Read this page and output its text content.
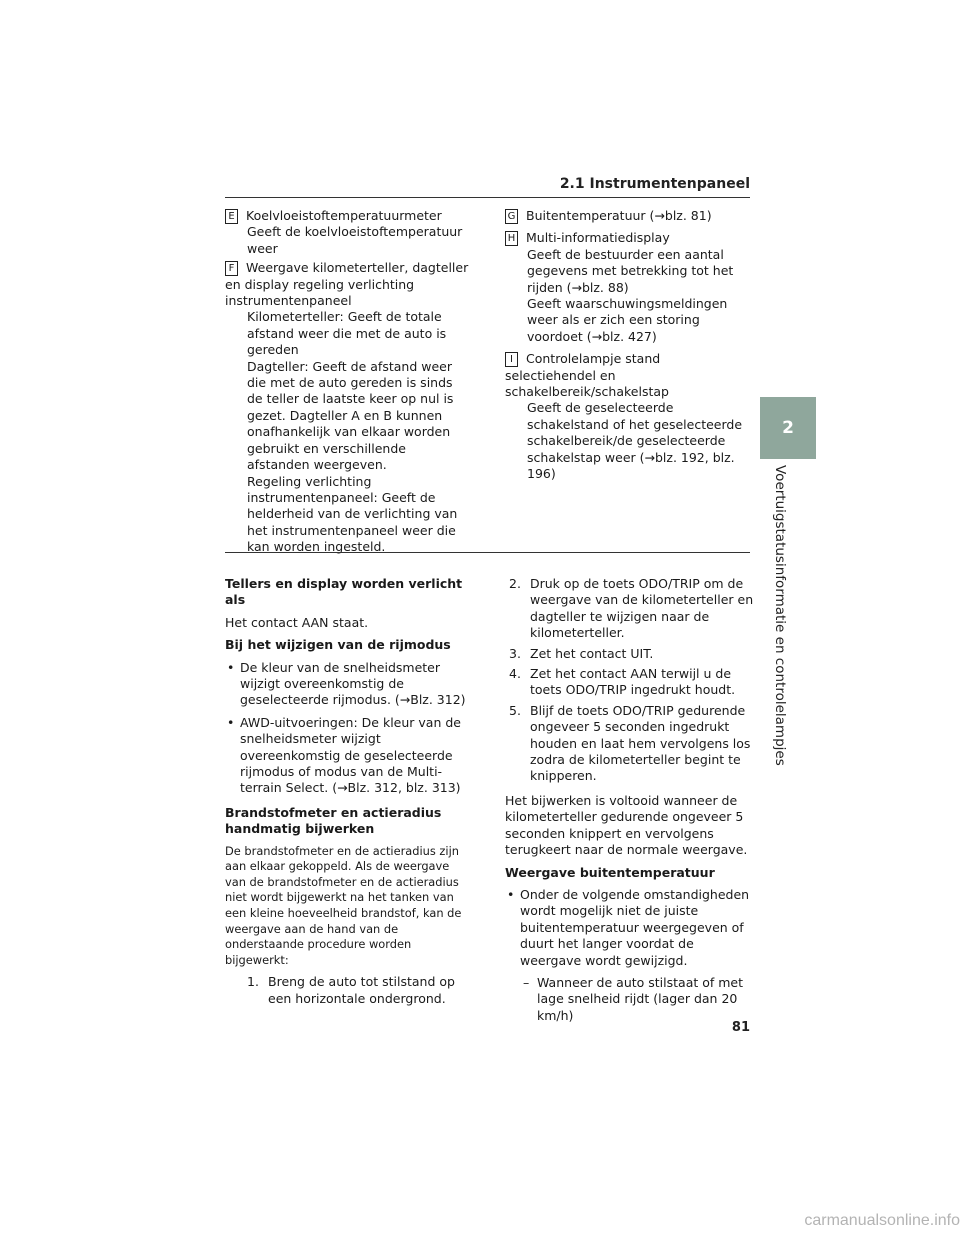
2.1 Instrumentenpaneel
E Koelvloeistoftemperatuurmeter
Geeft de koelvloeistoftemperatuur weer
F Weergave kilometerteller, dagteller en display regeling verlichting instrumentenpaneel
Kilometerteller: Geeft de totale afstand weer die met de auto is gereden
Dagteller: Geeft de afstand weer die met de auto gereden is sinds de teller de laatste keer op nul is gezet. Dagteller A en B kunnen onafhankelijk van elkaar worden gebruikt en verschillende afstanden weergeven.
Regeling verlichting instrumentenpaneel: Geeft de helderheid van de verlichting van het instrumentenpaneel weer die kan worden ingesteld.
G Buitentemperatuur (→blz. 81)
H Multi-informatiedisplay
Geeft de bestuurder een aantal gegevens met betrekking tot het rijden (→blz. 88)
Geeft waarschuwingsmeldingen weer als er zich een storing voordoet (→blz. 427)
I Controlelampje stand selectiehendel en schakelbereik/schakelstap
Geeft de geselecteerde schakelstand of het geselecteerde schakelbereik/de geselecteerde schakelstap weer (→blz. 192, blz. 196)

Tellers en display worden verlicht als

Het contact AAN staat.

Bij het wijzigen van de rijmodus

• De kleur van de snelheidsmeter wijzigt overeenkomstig de geselecteerde rijmodus. (→Blz. 312)
• AWD-uitvoeringen: De kleur van de snelheidsmeter wijzigt overeenkomstig de geselecteerde rijmodus of modus van de Multi-terrain Select. (→Blz. 312, blz. 313)

Brandstofmeter en actieradius handmatig bijwerken

De brandstofmeter en de actieradius zijn aan elkaar gekoppeld. Als de weergave van de brandstofmeter en de actieradius niet wordt bijgewerkt na het tanken van een kleine hoeveelheid brandstof, kan de weergave aan de hand van de onderstaande procedure worden bijgewerkt:

1. Breng de auto tot stilstand op een horizontale ondergrond.
2. Druk op de toets ODO/TRIP om de weergave van de kilometerteller en dagteller te wijzigen naar de kilometerteller.
3. Zet het contact UIT.
4. Zet het contact AAN terwijl u de toets ODO/TRIP ingedrukt houdt.
5. Blijf de toets ODO/TRIP gedurende ongeveer 5 seconden ingedrukt houden en laat hem vervolgens los zodra de kilometerteller begint te knipperen.

Het bijwerken is voltooid wanneer de kilometerteller gedurende ongeveer 5 seconden knippert en vervolgens terugkeert naar de normale weergave.

Weergave buitentemperatuur

• Onder de volgende omstandigheden wordt mogelijk niet de juiste buitentemperatuur weergegeven of duurt het langer voordat de weergave wordt gewijzigd.
– Wanneer de auto stilstaat of met lage snelheid rijdt (lager dan 20 km/h)
2
Voertuigstatusinformatie en controlelampjes
81
carmanualsonline.info
